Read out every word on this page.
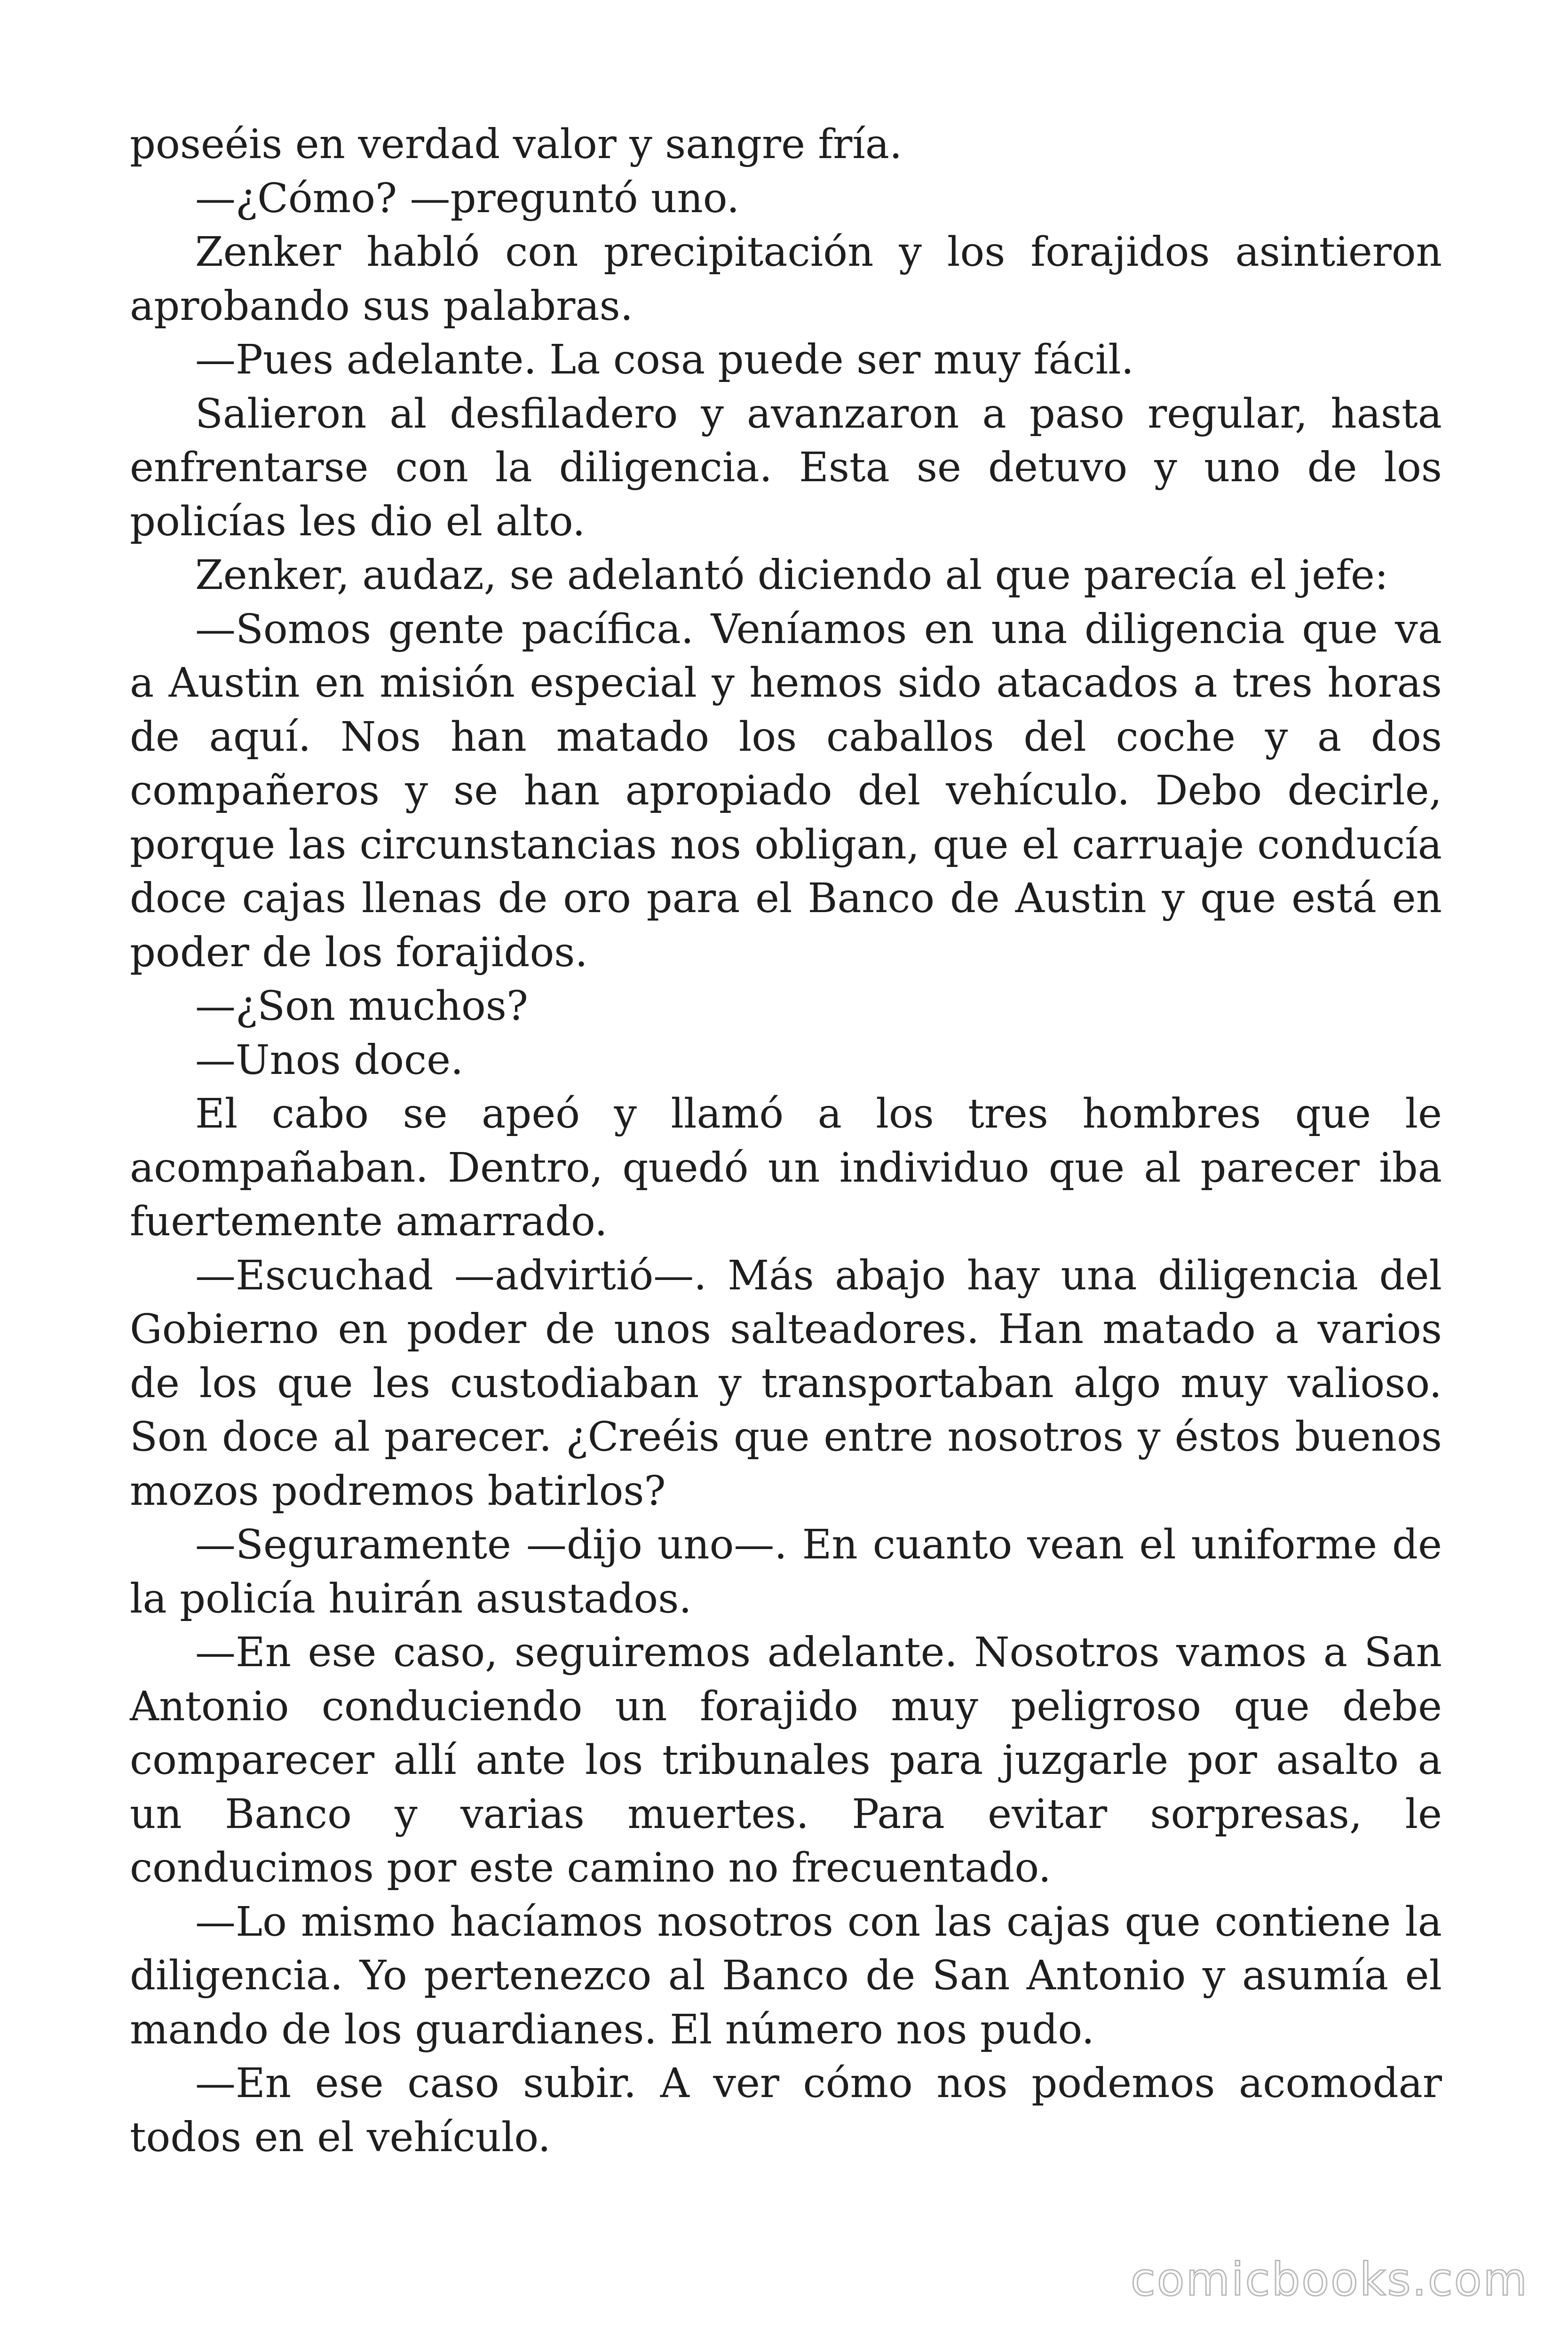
poseéis en verdad valor y sangre fría.

—¿Cómo? —preguntó uno.

Zenker habló con precipitación y los forajidos asintieron aprobando sus palabras.

—Pues adelante. La cosa puede ser muy fácil.

Salieron al desfiladero y avanzaron a paso regular, hasta enfrentarse con la diligencia. Esta se detuvo y uno de los policías les dio el alto.

Zenker, audaz, se adelantó diciendo al que parecía el jefe:

—Somos gente pacífica. Veníamos en una diligencia que va a Austin en misión especial y hemos sido atacados a tres horas de aquí. Nos han matado los caballos del coche y a dos compañeros y se han apropiado del vehículo. Debo decirle, porque las circunstancias nos obligan, que el carruaje conducía doce cajas llenas de oro para el Banco de Austin y que está en poder de los forajidos.

—¿Son muchos?

—Unos doce.

El cabo se apeó y llamó a los tres hombres que le acompañaban. Dentro, quedó un individuo que al parecer iba fuertemente amarrado.

—Escuchad —advirtió—. Más abajo hay una diligencia del Gobierno en poder de unos salteadores. Han matado a varios de los que les custodiaban y transportaban algo muy valioso. Son doce al parecer. ¿Creéis que entre nosotros y éstos buenos mozos podremos batirlos?

—Seguramente —dijo uno—. En cuanto vean el uniforme de la policía huirán asustados.

—En ese caso, seguiremos adelante. Nosotros vamos a San Antonio conduciendo un forajido muy peligroso que debe comparecer allí ante los tribunales para juzgarle por asalto a un Banco y varias muertes. Para evitar sorpresas, le conducimos por este camino no frecuentado.

—Lo mismo hacíamos nosotros con las cajas que contiene la diligencia. Yo pertenezco al Banco de San Antonio y asumía el mando de los guardianes. El número nos pudo.

—En ese caso subir. A ver cómo nos podemos acomodar todos en el vehículo.

comicbooks.com
